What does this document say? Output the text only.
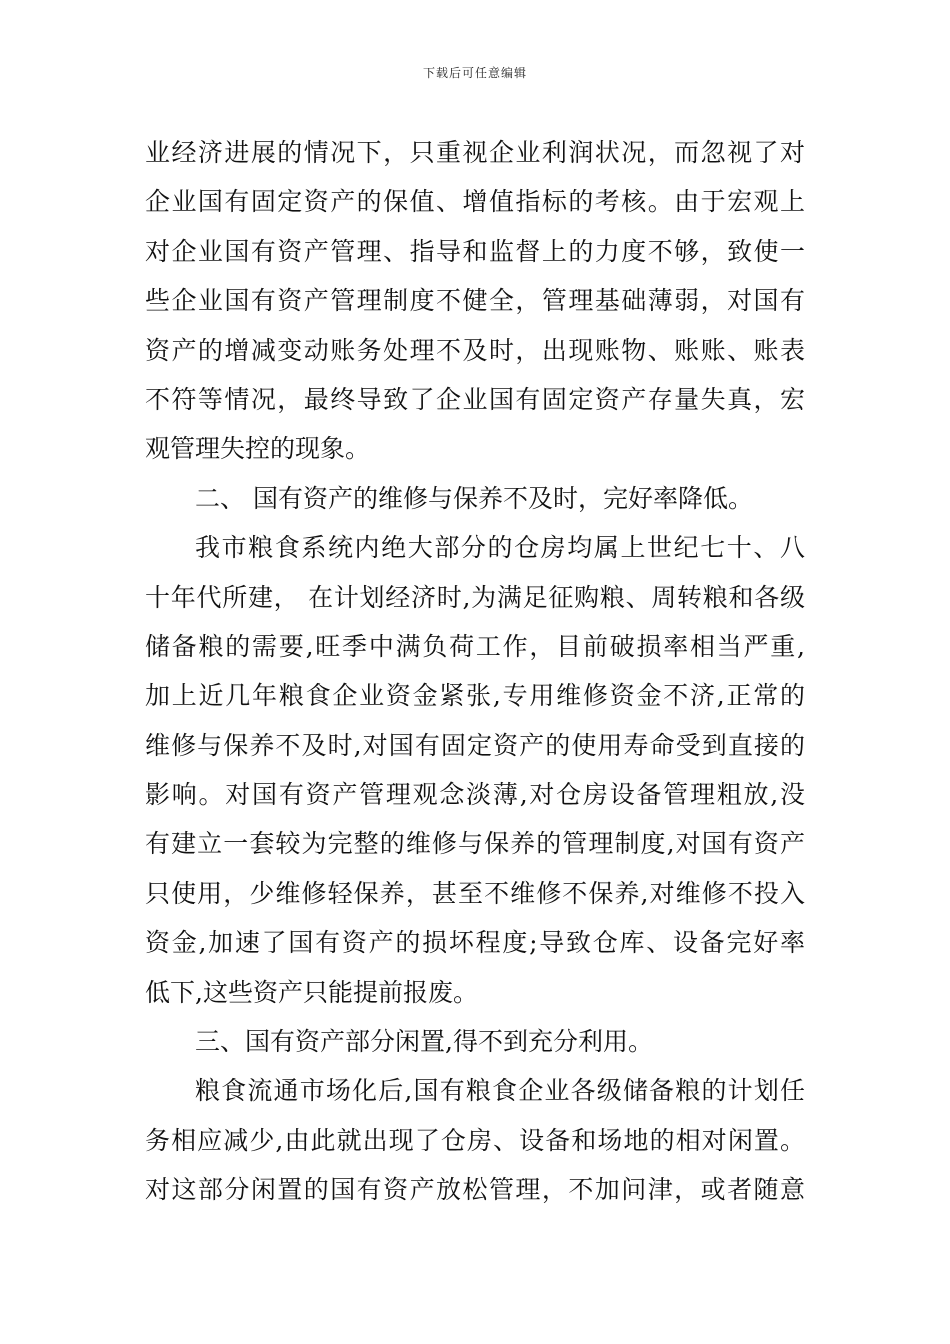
下载后可任意编辑
业经济进展的情况下，只重视企业利润状况，而忽视了对
企业国有固定资产的保值、增值指标的考核。由于宏观上
对企业国有资产管理、指导和监督上的力度不够，致使一
些企业国有资产管理制度不健全，管理基础薄弱，对国有
资产的增减变动账务处理不及时，出现账物、账账、账表
不符等情况，最终导致了企业国有固定资产存量失真，宏
观管理失控的现象。
二、 国有资产的维修与保养不及时，完好率降低。
我市粮食系统内绝大部分的仓房均属上世纪七十、八
十年代所建， 在计划经济时,为满足征购粮、周转粮和各级
储备粮的需要,旺季中满负荷工作，目前破损率相当严重,
加上近几年粮食企业资金紧张,专用维修资金不济,正常的
维修与保养不及时,对国有固定资产的使用寿命受到直接的
影响。对国有资产管理观念淡薄,对仓房设备管理粗放,没
有建立一套较为完整的维修与保养的管理制度,对国有资产
只使用，少维修轻保养，甚至不维修不保养,对维修不投入
资金,加速了国有资产的损坏程度;导致仓库、设备完好率
低下,这些资产只能提前报废。
三、国有资产部分闲置,得不到充分利用。
粮食流通市场化后,国有粮食企业各级储备粮的计划任
务相应减少,由此就出现了仓房、设备和场地的相对闲置。
对这部分闲置的国有资产放松管理，不加问津，或者随意
